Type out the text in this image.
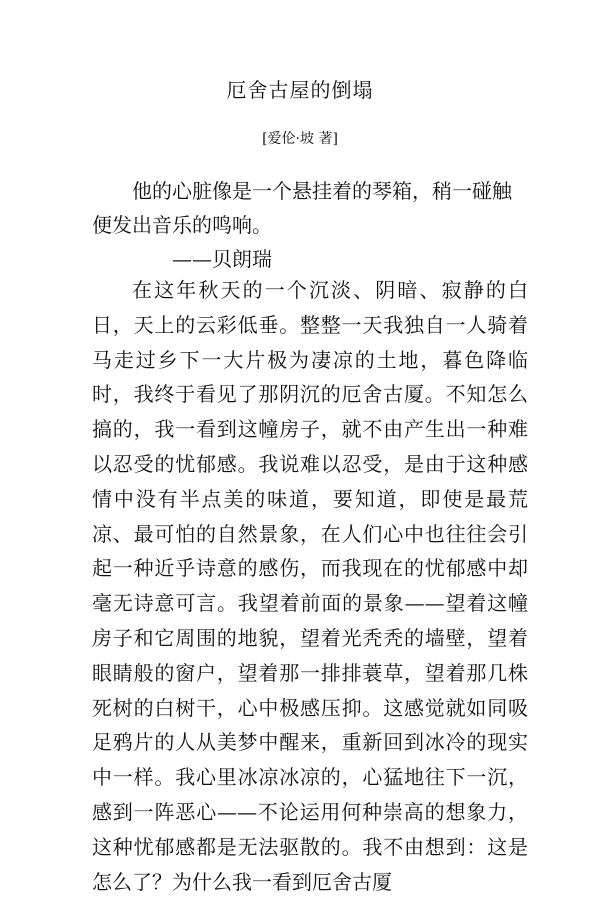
厄舍古屋的倒塌
[爱伦·坡 著]

他的心脏像是一个悬挂着的琴箱，稍一碰触便发出音乐的鸣响。

——贝朗瑞

在这年秋天的一个沉淡、阴暗、寂静的白日，天上的云彩低垂。整整一天我独自一人骑着马走过乡下一大片极为凄凉的土地，暮色降临时，我终于看见了那阴沉的厄舍古厦。不知怎么搞的，我一看到这幢房子，就不由产生出一种难以忍受的忧郁感。我说难以忍受，是由于这种感情中没有半点美的味道，要知道，即使是最荒凉、最可怕的自然景象，在人们心中也往往会引起一种近乎诗意的感伤，而我现在的忧郁感中却毫无诗意可言。我望着前面的景象——望着这幢房子和它周围的地貌，望着光秃秃的墙壁，望着眼睛般的窗户，望着那一排排蓑草，望着那几株死树的白树干，心中极感压抑。这感觉就如同吸足鸦片的人从美梦中醒来，重新回到冰冷的现实中一样。我心里冰凉冰凉的，心猛地往下一沉，感到一阵恶心——不论运用何种崇高的想象力，这种忧郁感都是无法驱散的。我不由想到：这是怎么了？为什么我一看到厄舍古厦
